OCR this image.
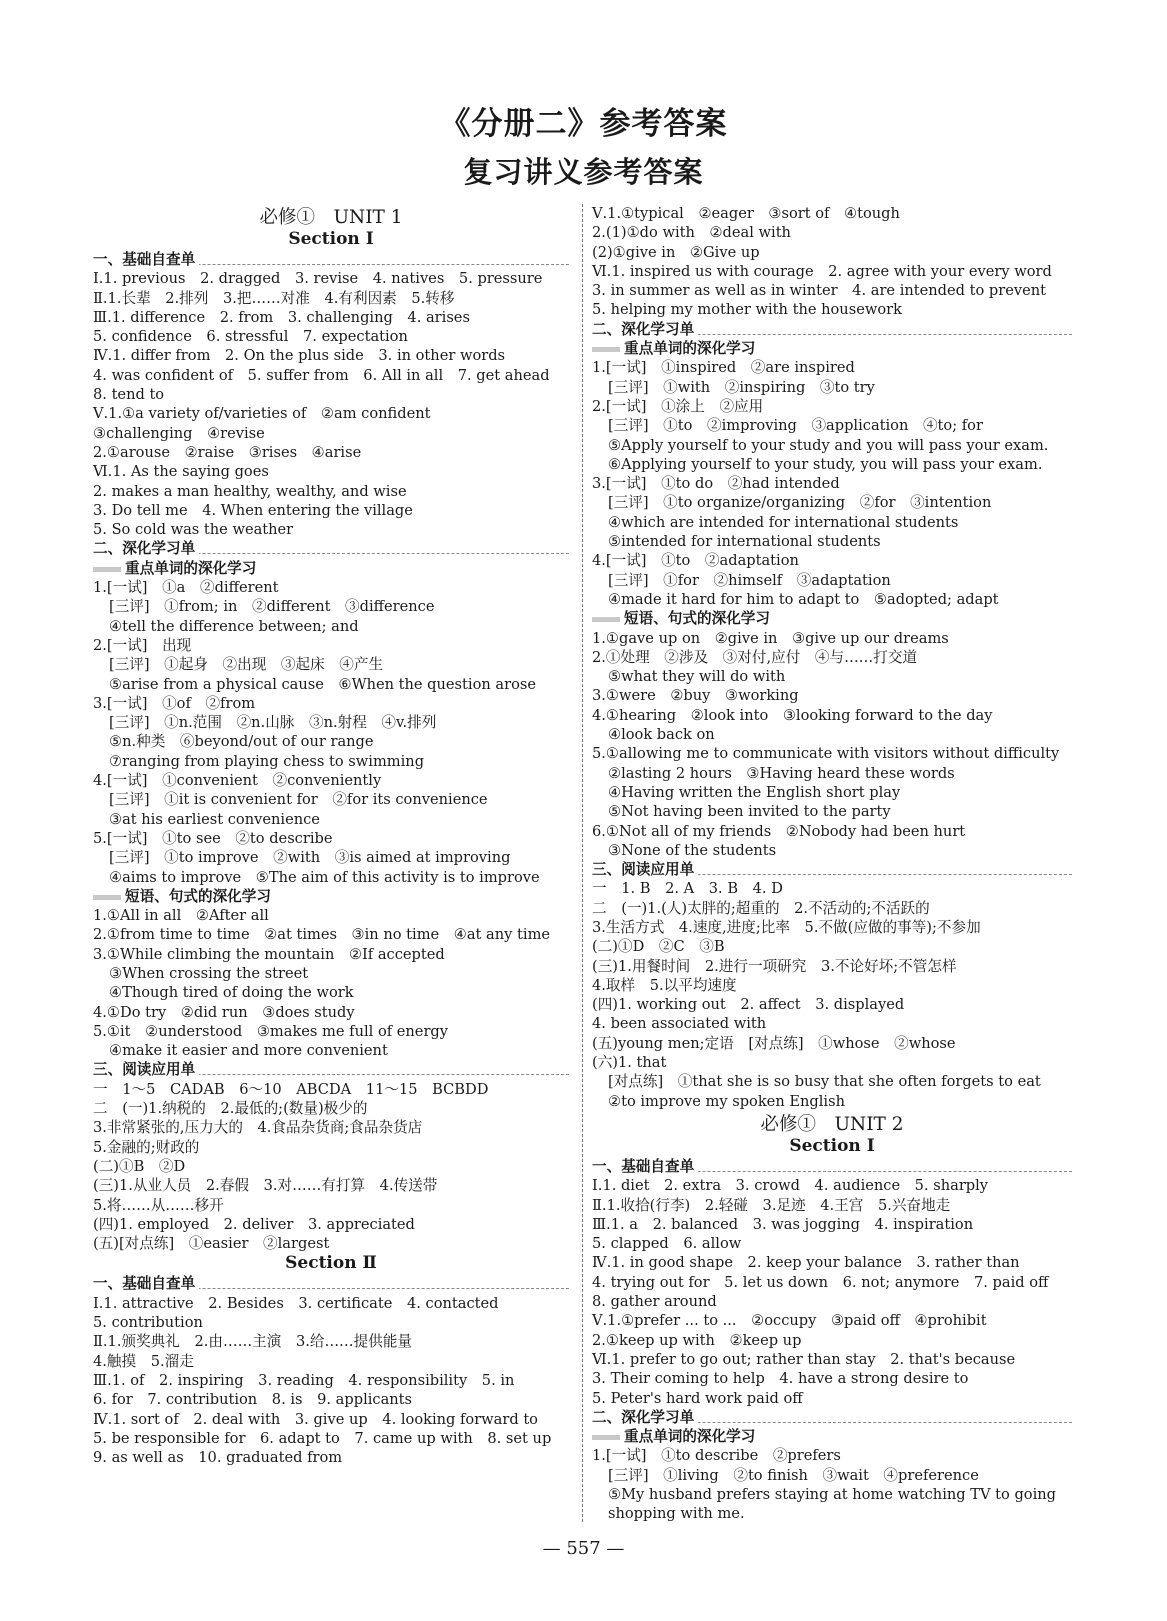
《分册二》参考答案
复习讲义参考答案
必修①　UNIT 1
Section Ⅰ
一、基础自查单
Ⅰ.1. previous　2. dragged　3. revise　4. natives　5. pressure
Ⅱ.1.长辈　2.排列　3.把……对准　4.有利因素　5.转移
Ⅲ.1. difference　2. from　3. challenging　4. arises
5. confidence　6. stressful　7. expectation
Ⅳ.1. differ from　2. On the plus side　3. in other words
4. was confident of　5. suffer from　6. All in all　7. get ahead
8. tend to
Ⅴ.1.①a variety of/varieties of　②am confident
③challenging　④revise
2.①arouse　②raise　③rises　④arise
Ⅵ.1. As the saying goes
2. makes a man healthy, wealthy, and wise
3. Do tell me　4. When entering the village
5. So cold was the weather
二、深化学习单
重点单词的深化学习
1.[一试]　①a　②different
[三评]　①from; in　②different　③difference
④tell the difference between; and
2.[一试]　出现
[三评]　①起身　②出现　③起床　④产生
⑤arise from a physical cause　⑥When the question arose
3.[一试]　①of　②from
[三评]　①n.范围　②n.山脉　③n.射程　④v.排列
⑤n.种类　⑥beyond/out of our range
⑦ranging from playing chess to swimming
4.[一试]　①convenient　②conveniently
[三评]　①it is convenient for　②for its convenience
③at his earliest convenience
5.[一试]　①to see　②to describe
[三评]　①to improve　②with　③is aimed at improving
④aims to improve　⑤The aim of this activity is to improve
短语、句式的深化学习
1.①All in all　②After all
2.①from time to time　②at times　③in no time　④at any time
3.①While climbing the mountain　②If accepted
③When crossing the street
④Though tired of doing the work
4.①Do try　②did run　③does study
5.①it　②understood　③makes me full of energy
④make it easier and more convenient
三、阅读应用单
一　1～5　CADAB　6～10　ABCDA　11～15　BCBDD
二　(一)1.纳税的　2.最低的;(数量)极少的
3.非常紧张的,压力大的　4.食品杂货商;食品杂货店
5.金融的;财政的
(二)①B　②D
(三)1.从业人员　2.春假　3.对……有打算　4.传送带
5.将……从……移开
(四)1. employed　2. deliver　3. appreciated
(五)[对点练]　①easier　②largest
Section Ⅱ
一、基础自查单
Ⅰ.1. attractive　2. Besides　3. certificate　4. contacted
5. contribution
Ⅱ.1.颁奖典礼　2.由……主演　3.给……提供能量
4.触摸　5.溜走
Ⅲ.1. of　2. inspiring　3. reading　4. responsibility　5. in
6. for　7. contribution　8. is　9. applicants
Ⅳ.1. sort of　2. deal with　3. give up　4. looking forward to
5. be responsible for　6. adapt to　7. came up with　8. set up
9. as well as　10. graduated from
Ⅴ.1.①typical　②eager　③sort of　④tough
2.(1)①do with　②deal with
(2)①give in　②Give up
Ⅵ.1. inspired us with courage　2. agree with your every word
3. in summer as well as in winter　4. are intended to prevent
5. helping my mother with the housework
二、深化学习单
重点单词的深化学习
1.[一试]　①inspired　②are inspired
[三评]　①with　②inspiring　③to try
2.[一试]　①涂上　②应用
[三评]　①to　②improving　③application　④to; for
⑤Apply yourself to your study and you will pass your exam.
⑥Applying yourself to your study, you will pass your exam.
3.[一试]　①to do　②had intended
[三评]　①to organize/organizing　②for　③intention
④which are intended for international students
⑤intended for international students
4.[一试]　①to　②adaptation
[三评]　①for　②himself　③adaptation
④made it hard for him to adapt to　⑤adopted; adapt
短语、句式的深化学习
1.①gave up on　②give in　③give up our dreams
2.①处理　②涉及　③对付,应付　④与……打交道
⑤what they will do with
3.①were　②buy　③working
4.①hearing　②look into　③looking forward to the day
④look back on
5.①allowing me to communicate with visitors without difficulty
②lasting 2 hours　③Having heard these words
④Having written the English short play
⑤Not having been invited to the party
6.①Not all of my friends　②Nobody had been hurt
③None of the students
三、阅读应用单
一　1. B　2. A　3. B　4. D
二　(一)1.(人)太胖的;超重的　2.不活动的;不活跃的
3.生活方式　4.速度,进度;比率　5.不做(应做的事等);不参加
(二)①D　②C　③B
(三)1.用餐时间　2.进行一项研究　3.不论好坏;不管怎样
4.取样　5.以平均速度
(四)1. working out　2. affect　3. displayed
4. been associated with
(五)young men;定语　[对点练]　①whose　②whose
(六)1. that
[对点练]　①that she is so busy that she often forgets to eat
②to improve my spoken English
必修①　UNIT 2
Section Ⅰ
一、基础自查单
Ⅰ.1. diet　2. extra　3. crowd　4. audience　5. sharply
Ⅱ.1.收拾(行李)　2.轻碰　3.足迹　4.王宫　5.兴奋地走
Ⅲ.1. a　2. balanced　3. was jogging　4. inspiration
5. clapped　6. allow
Ⅳ.1. in good shape　2. keep your balance　3. rather than
4. trying out for　5. let us down　6. not; anymore　7. paid off
8. gather around
Ⅴ.1.①prefer ... to ...　②occupy　③paid off　④prohibit
2.①keep up with　②keep up
Ⅵ.1. prefer to go out; rather than stay　2. that's because
3. Their coming to help　4. have a strong desire to
5. Peter's hard work paid off
二、深化学习单
重点单词的深化学习
1.[一试]　①to describe　②prefers
[三评]　①living　②to finish　③wait　④preference
⑤My husband prefers staying at home watching TV to going
shopping with me.
— 557 —
